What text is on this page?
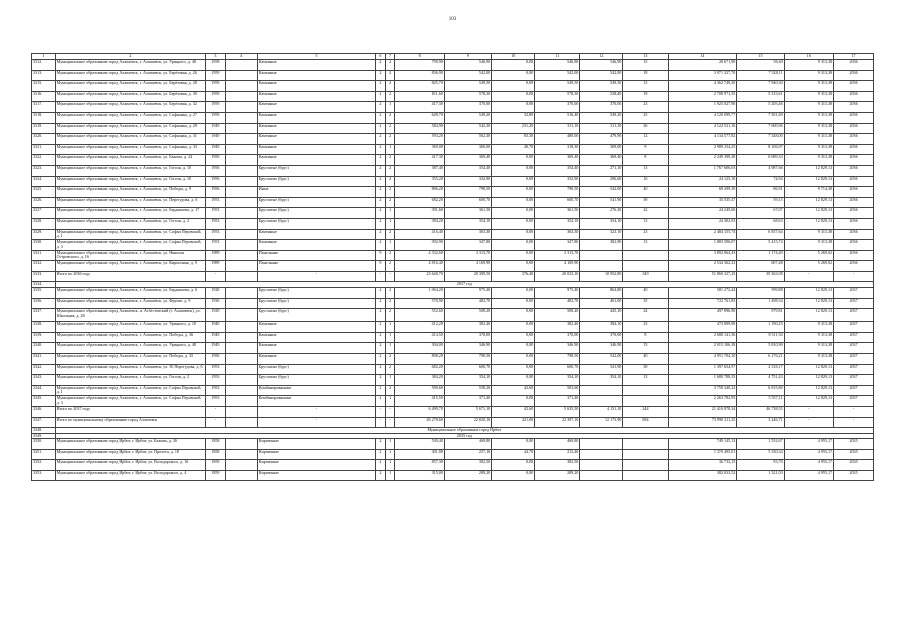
103
1	2	3	4	5	6	7	8	9	10	11	12	13	14	15	16	17
3312.	Муниципальное образование город Алапаевск, г. Алапаевск, ул. Урицкого, д. 48	1958		Каменные	2	2	790,90	546,90	0,00	546,90	546,90	15	20 671,90	58,40	9 313,38	2036
3313.	Муниципальное образование город Алапаевск, г. Алапаевск, ул. Берёзовая, д. 26	1959		Каменные	2	2	836,90	542,00	0,00	542,00	542,00	18	3 971 327,70	7 328,11	9 313,38	2036
3315.	Муниципальное образование город Алапаевск, г. Алапаевск, ул. Берёзовая, д. 28	1959		Каменные	2	2	845,70	549,50	0,00	549,50	549,50	15	4 362 749,20	7 940,30	9 313,38	2036
3316.	Муниципальное образование город Алапаевск, г. Алапаевск, ул. Берёзовая, д. 30	1959		Каменные	2	2	811,60	578,30	0,00	578,30	528,40	19	2 708 971,35	5 315,61	9 313,38	2036
3317.	Муниципальное образование город Алапаевск, г. Алапаевск, ул. Берёзовая, д. 32	1959		Каменные	2	1	417,30	370,00	0,00	370,00	370,00	23	1 925 027,90	5 205,46	9 313,38	2036
3318.	Муниципальное образование город Алапаевск, г. Алапаевск, ул. Софьинка, д. 27	1959		Каменные	2	2	649,70	549,20	32,80	516,40	549,20	25	4 120 099,77	7 501,69	9 313,38	2036
3319.	Муниципальное образование город Алапаевск, г. Алапаевск, ул. Софьинка, д. 29	1949		Каменные	2	2	584,90	542,30	231,20	311,10	311,10	26	4 122 521,16	7 600,96	9 313,38	2036
3320.	Муниципальное образование город Алапаевск, г. Алапаевск, ул. Софьинка, д. 31	1949		Каменные	2	2	593,20	562,30	83,30	480,00	479,90	12	4 134 577,82	7 348,00	9 313,38	2036
3321.	Муниципальное образование город Алапаевск, г. Алапаевск, ул. Софьинка, д. 33	1949		Каменные	2	1	369,00	360,00	40,70	318,30	309,00	9	2 989 254,25	8 106,97	9 313,38	2036
3322.	Муниципальное образование город Алапаевск, г. Алапаевск, ул. Бажова, д. 24	1950		Каменные	2	2	417,30	369,40	0,00	369,40	369,40	8	2 249 399,28	6 089,33	9 313,38	2036
3323.	Муниципальное образование город Алапаевск, г. Алапаевск, ул. Гоголя, д. 10	1956		Брусчатые (брус)	2	2	387,40	354,40	0,00	354,40	271,10	13	1 767 606,03	4 987,66	12 829,13	2036
3324.	Муниципальное образование город Алапаевск, г. Алапаевск, ул. Гоголя, д. 10	1956		Брусчатые (брус)	2	2	355,20	332,90	0,00	332,90	296,60	16	24 125,10	74,94	12 829,13	2036
3325.	Муниципальное образование город Алапаевск, г. Алапаевск, ул. Победы, д. 9	1956		Иные	2	2	806,20	798,50	0,00	798,50	542,00	40	69 299,39	86,91	9 714,38	2036
3326.	Муниципальное образование город Алапаевск, г. Алапаевск, ул. Перегудова, д. 6	1953		Брусчатые (брус)	2	2	682,20	600,70	0,00	600,70	541,90	39	35 535,47	59,15	12 829,13	2036
3327.	Муниципальное образование город Алапаевск, г. Алапаевск, ул. Бердышева, д. 17	1953		Брусчатые (брус)	2	1	391,60	361,50	0,00	361,50	276,30	22	24 245,60	67,07	12 829,13	2036
3328.	Муниципальное образование город Алапаевск, г. Алапаевск, ул. Гоголя, д. 2	1953		Брусчатые (брус)	2	1	384,20	354,10	0,00	354,10	354,10	13	24 302,03	68,63	12 829,13	2036
3329.	Муниципальное образование город Алапаевск, г. Алапаевск, ул. Софьи Перовской, д. 1	1953		Каменные	2	2	416,40	363,30	0,00	363,30	323,10	23	2 484 155,74	6 837,64	9 313,38	2036
3330.	Муниципальное образование город Алапаевск, г. Алапаевск, ул. Софьи Перовской, д. 3	1953		Каменные	2	1	392,90	347,80	0,00	347,80	302,90	13	1 883 596,07	5 415,74	9 313,38	2036
3331.	Муниципальное образование город Алапаевск, г. Алапаевск, ул. Николая Островского, д. 16	1989		Панельные	9	2	4 332,60	3 313,70	0,00	3 313,70			3 892 064,43	1 174,49	5 269,02	2036
3332.	Муниципальное образование город Алапаевск, г. Алапаевск, ул. Кирпичная, д. 9	1989		Панельные	9	2	4 816,40	4 169,90	0,00	4 169,90			2 534 362,23	607,48	5 269,02	2036
3333.	Итого по 2036 году	-		-	-	-	23 640,70	20 399,50	376,40	20 023,10	10 952,80	349	51 860 327,25	39 363,08	-	-
3334.	2037 год															
3335.	Муниципальное образование город Алапаевск, г. Алапаевск, ул. Бердышева, д. 6	1928		Брусчатые (брус)	2	2	1 064,20	975,40	0,00	975,40	864,80	40	581 272,44	599,88	12 829,13	2037
3336.	Муниципальное образование город Алапаевск, г. Алапаевск, ул. Фрунзе, д. 9	1930		Брусчатые (брус)	2	2	570,90	482,70	0,00	482,70	461,00	35	722 761,85	1 498,34	12 829,13	2037
3337.	Муниципальное образование город Алапаевск, п. Асбестовский (г. Алапаевск), ул. Школьная, д. 28	1929		Брусчатые (брус)	2	2	552,60	508,20	0,00	508,20	445,10	24	497 896,90	979,81	12 829,13	2037
3338.	Муниципальное образование город Алапаевск, г. Алапаевск, ул. Урицкого, д. 18	1940		Каменные	2	1	412,20	382,40	0,00	382,40	384,10	23	473 899,90	1 190,25	9 313,38	2037
3339.	Муниципальное образование город Алапаевск, г. Алапаевск, ул. Победы, д. 36	1949		Каменные	2	1	414,50	370,00	0,00	370,00	370,00	8	2 680 141,56	8 511,50	9 313,38	2037
3340.	Муниципальное образование город Алапаевск, г. Алапаевск, ул. Урицкого, д. 48	1949		Каменные	2	1	394,00	346,90	0,00	346,90	346,90	15	2 015 106,38	5 810,90	9 313,38	2037
3341.	Муниципальное образование город Алапаевск, г. Алапаевск, ул. Победы, д. 35	1950		Каменные	2	2	808,20	798,50	0,00	798,50	542,00	40	4 951 704,10	6 176,21	9 313,38	2037
3342.	Муниципальное образование город Алапаевск, г. Алапаевск, ул. 50 Перегудова, д. 6	1953		Брусчатые (брус)	2	2	682,20	600,70	0,00	600,70	541,90	39	1 397 654,97	2 318,17	12 829,13	2037
3343.	Муниципальное образование город Алапаевск, г. Алапаевск, ул. Гоголя, д. 2	1953		Брусчатые (брус)	2	1	384,20	354,10	0,00	354,10	354,10	13	1 680 788,35	4 751,43	12 829,13	2037
3344.	Муниципальное образование город Алапаевск, г. Алапаевск, ул. Софьи Перовской, д. 1	1953		Комбинированные	2	2	590,60	558,20	42,60	503,60			3 758 340,22	6 815,80	12 829,13	2037
3345.	Муниципальное образование город Алапаевск, г. Алапаевск, ул. Софьи Перовской, д. 3	1953		Комбинированные	2	1	415,50	371,40	0,00	371,40			2 263 782,95	5 557,11	12 829,13	2037
3346.	Итого по 2037 году	-		-	-	-	6 499,70	5 671,10	42,60	5 635,50	4 131,10	244	21 410 878,34	46 738,55	-	-
3347.	Итого по муниципальному образованию город Алапаевск	-		-	-	-	26 278,60	22 820,10	421,00	22 397,10	12 173,90	694	73 990 211,25	3 246,71	-	-
3348.	Муниципальное образование город Ирбит															
3349.	2035 год															
3350.	Муниципальное образование город Ирбит, г. Ирбит, ул. Бажова, д. 26	1858		Кирпичные	2	1	530,40	469,80	0,00	469,80			749 145,12	1 532,67	4 955,17	2035
3351.	Муниципальное образование город Ирбит, г. Ирбит, ул. Пролета, д. 18	1858		Кирпичные	2	1	301,80	257,10	44,70	212,40			1 370 495,01	5 330,34	4 955,17	2035
3352.	Муниципальное образование город Ирбит, г. Ирбит, ул. Володарского, д. 16	1859		Кирпичные	2	1	857,30	382,50	0,00	382,50			36 732,15	93,70	4 955,17	2035
3353.	Муниципальное образование город Ирбит, г. Ирбит, ул. Володарского, д. 4	1859		Кирпичные	2	1	315,00	289,20	0,00	289,20			382 033,52	1 321,03	4 955,17	2035
